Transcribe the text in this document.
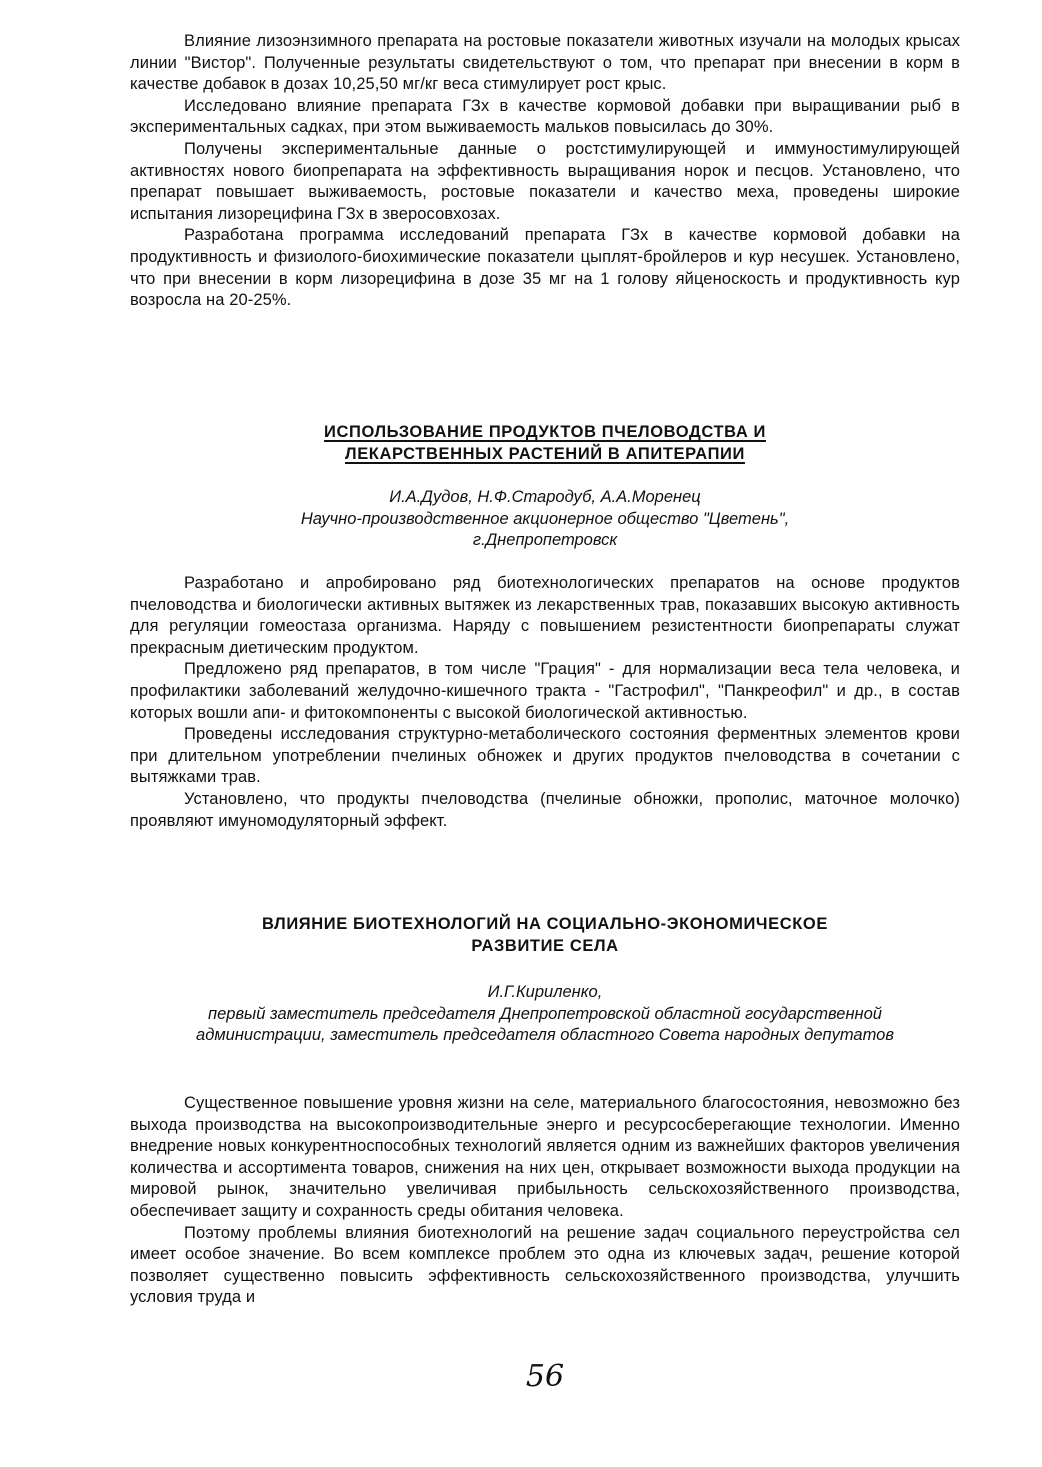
Влияние лизоэнзимного препарата на ростовые показатели животных изучали на молодых крысах линии "Вистор". Полученные результаты свидетельствуют о том, что препарат при внесении в корм в качестве добавок в дозах 10,25,50 мг/кг веса стимулирует рост крыс.

Исследовано влияние препарата ГЗх в качестве кормовой добавки при выращивании рыб в экспериментальных садках, при этом выживаемость мальков повысилась до 30%.

Получены экспериментальные данные о ростстимулирующей и иммуностимулирующей активностях нового биопрепарата на эффективность выращивания норок и песцов. Установлено, что препарат повышает выживаемость, ростовые показатели и качество меха, проведены широкие испытания лизорецифина ГЗх в зверосовхозах.

Разработана программа исследований препарата ГЗх в качестве кормовой добавки на продуктивность и физиолого-биохимические показатели цыплят-бройлеров и кур несушек. Установлено, что при внесении в корм лизорецифина в дозе 35 мг на 1 голову яйценоскость и продуктивность кур возросла на 20-25%.

ИСПОЛЬЗОВАНИЕ ПРОДУКТОВ ПЧЕЛОВОДСТВА И
ЛЕКАРСТВЕННЫХ РАСТЕНИЙ В АПИТЕРАПИИ
И.А.Дудов, Н.Ф.Стародуб, А.А.Моренец
Научно-производственное акционерное общество "Цветень",
г.Днепропетровск

Разработано и апробировано ряд биотехнологических препаратов на основе продуктов пчеловодства и биологически активных вытяжек из лекарственных трав, показавших высокую активность для регуляции гомеостаза организма. Наряду с повышением резистентности биопрепараты служат прекрасным диетическим продуктом.

Предложено ряд препаратов, в том числе "Грация" - для нормализации веса тела человека, и профилактики заболеваний желудочно-кишечного тракта - "Гастрофил", "Панкреофил" и др., в состав которых вошли апи- и фитокомпоненты с высокой биологической активностью.

Проведены исследования структурно-метаболического состояния ферментных элементов крови при длительном употреблении пчелиных обножек и других продуктов пчеловодства в сочетании с вытяжками трав.

Установлено, что продукты пчеловодства (пчелиные обножки, прополис, маточное молочко) проявляют имуномодуляторный эффект.

ВЛИЯНИЕ БИОТЕХНОЛОГИЙ НА СОЦИАЛЬНО-ЭКОНОМИЧЕСКОЕ
РАЗВИТИЕ СЕЛА
И.Г.Кириленко,
первый заместитель председателя Днепропетровской областной государственной
администрации, заместитель председателя областного Совета народных депутатов

Существенное повышение уровня жизни на селе, материального благосостояния, невозможно без выхода производства на высокопроизводительные энерго и ресурсосберегающие технологии. Именно внедрение новых конкурентноспособных технологий является одним из важнейших факторов увеличения количества и ассортимента товаров, снижения на них цен, открывает возможности выхода продукции на мировой рынок, значительно увеличивая прибыльность сельскохозяйственного производства, обеспечивает защиту и сохранность среды обитания человека.

Поэтому проблемы влияния биотехнологий на решение задач социального переустройства сел имеет особое значение. Во всем комплексе проблем это одна из ключевых задач, решение которой позволяет существенно повысить эффективность сельскохозяйственного производства, улучшить условия труда и

56
